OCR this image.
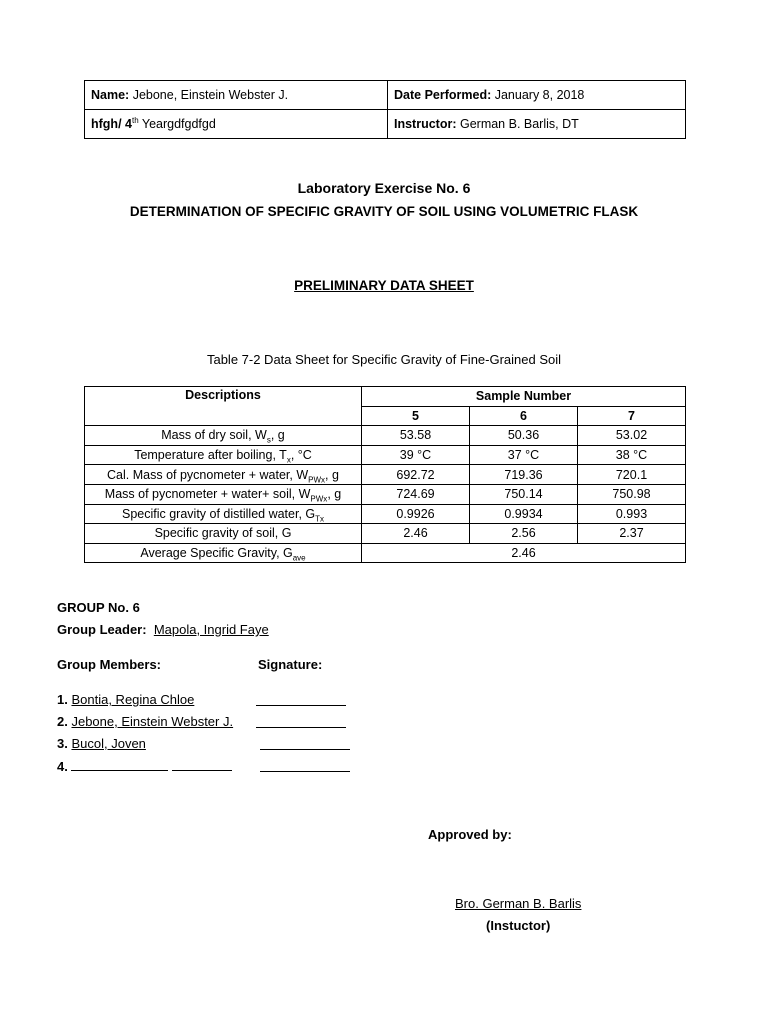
Name: Jebone, Einstein Webster J.	Date Performed: January 8, 2018
hfgh/ 4th Yeargdfgdfgd	Instructor: German B. Barlis, DT
Laboratory Exercise No. 6
DETERMINATION OF SPECIFIC GRAVITY OF SOIL USING VOLUMETRIC FLASK
PRELIMINARY DATA SHEET
Table 7-2 Data Sheet for Specific Gravity of Fine-Grained Soil
Descriptions	Sample Number		
	5	6	7
Mass of dry soil, $W_s$, g	53.58	50.36	53.02
Temperature after boiling, $T_x$, °C	39 °C	37 °C	38 °C
Cal. Mass of pycnometer + water, $W_{PWx}$, g	692.72	719.36	720.1
Mass of pycnometer + water+ soil, $W_{PWx}$, g	724.69	750.14	750.98
Specific gravity of distilled water, $G_{Tx}$	0.9926	0.9934	0.993
Specific gravity of soil, G	2.46	2.56	2.37
Average Specific Gravity, $G_{ave}$	2.46		
GROUP No. 6
Group Leader: Mapola, Ingrid Faye
Group Members:	Signature:
1. Bontia, Regina Chloe
2. Jebone, Einstein Webster J.
3. Bucol, Joven
4.
Approved by:
Bro. German B. Barlis
(Instuctor)
